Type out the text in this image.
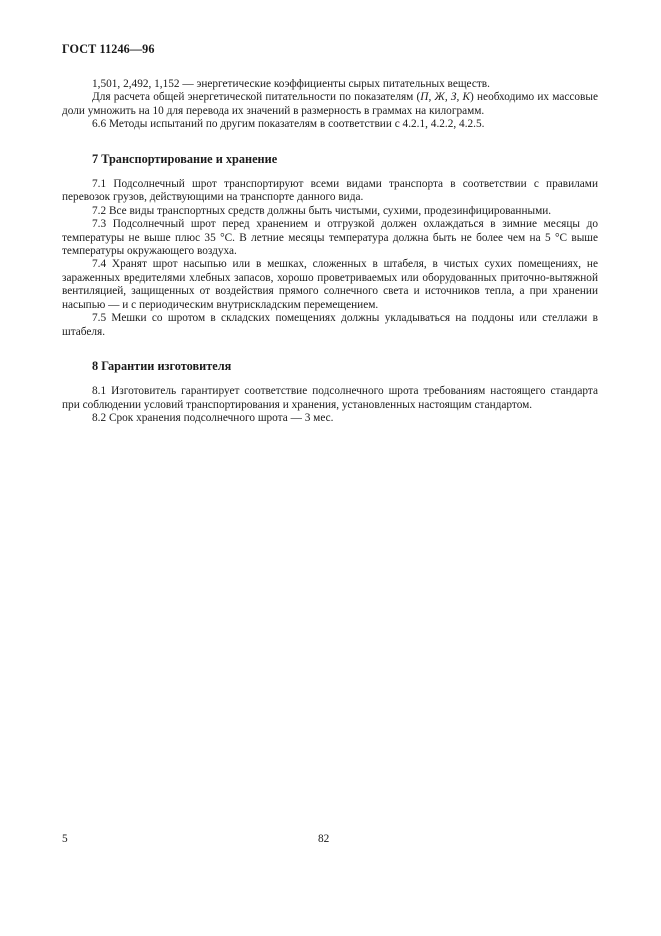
ГОСТ 11246—96

1,501, 2,492, 1,152 — энергетические коэффициенты сырых питательных веществ.

Для расчета общей энергетической питательности по показателям (П, Ж, З, К) необходимо их массовые доли умножить на 10 для перевода их значений в размерность в граммах на килограмм.

6.6 Методы испытаний по другим показателям в соответствии с 4.2.1, 4.2.2, 4.2.5.

7 Транспортирование и хранение

7.1 Подсолнечный шрот транспортируют всеми видами транспорта в соответствии с правилами перевозок грузов, действующими на транспорте данного вида.

7.2 Все виды транспортных средств должны быть чистыми, сухими, продезинфицированными.

7.3 Подсолнечный шрот перед хранением и отгрузкой должен охлаждаться в зимние месяцы до температуры не выше плюс 35 °С. В летние месяцы температура должна быть не более чем на 5 °С выше температуры окружающего воздуха.

7.4 Хранят шрот насыпью или в мешках, сложенных в штабеля, в чистых сухих помещениях, не зараженных вредителями хлебных запасов, хорошо проветриваемых или оборудованных приточно-вытяжной вентиляцией, защищенных от воздействия прямого солнечного света и источников тепла, а при хранении насыпью — и с периодическим внутрискладским перемещением.

7.5 Мешки со шротом в складских помещениях должны укладываться на поддоны или стеллажи в штабеля.

8 Гарантии изготовителя

8.1 Изготовитель гарантирует соответствие подсолнечного шрота требованиям настоящего стандарта при соблюдении условий транспортирования и хранения, установленных настоящим стандартом.

8.2 Срок хранения подсолнечного шрота — 3 мес.

5	82
